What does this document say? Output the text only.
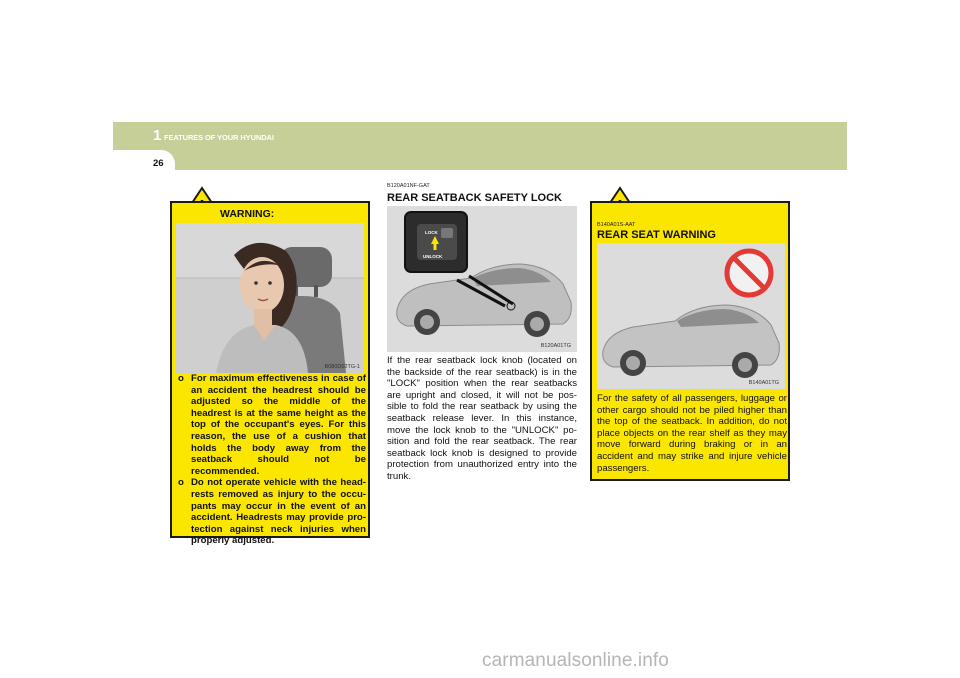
1 FEATURES OF YOUR HYUNDAI
26
WARNING:
B080D02TG-1
o For maximum effectiveness in case of an accident the headrest should be adjusted so the middle of the headrest is at the same height as the top of the occupant's eyes. For this reason, the use of a cushion that holds the body away from the seatback should not be recommended.
o Do not operate vehicle with the head-rests removed as injury to the occu-pants may occur in the event of an accident. Headrests may provide pro-tection against neck injuries when properly adjusted.
B120A01NF-GAT
REAR SEATBACK SAFETY LOCK
LOCK
UNLOCK
B120A01TG
If the rear seatback lock knob (located on the backside of the rear seatback) is in the "LOCK" position when the rear seatbacks are upright and closed, it will not be pos-sible to fold the rear seatback by using the seatback release lever. In this instance, move the lock knob to the "UNLOCK" po-sition and fold the rear seatback. The rear seatback lock knob is designed to provide protection from unauthorized entry into the trunk.
B140A01S-AAT
REAR SEAT WARNING
B140A01TG
For the safety of all passengers, luggage or other cargo should not be piled higher than the top of the seatback. In addition, do not place objects on the rear shelf as they may move forward during braking or in an accident and may strike and injure vehicle passengers.
carmanualsonline.info
